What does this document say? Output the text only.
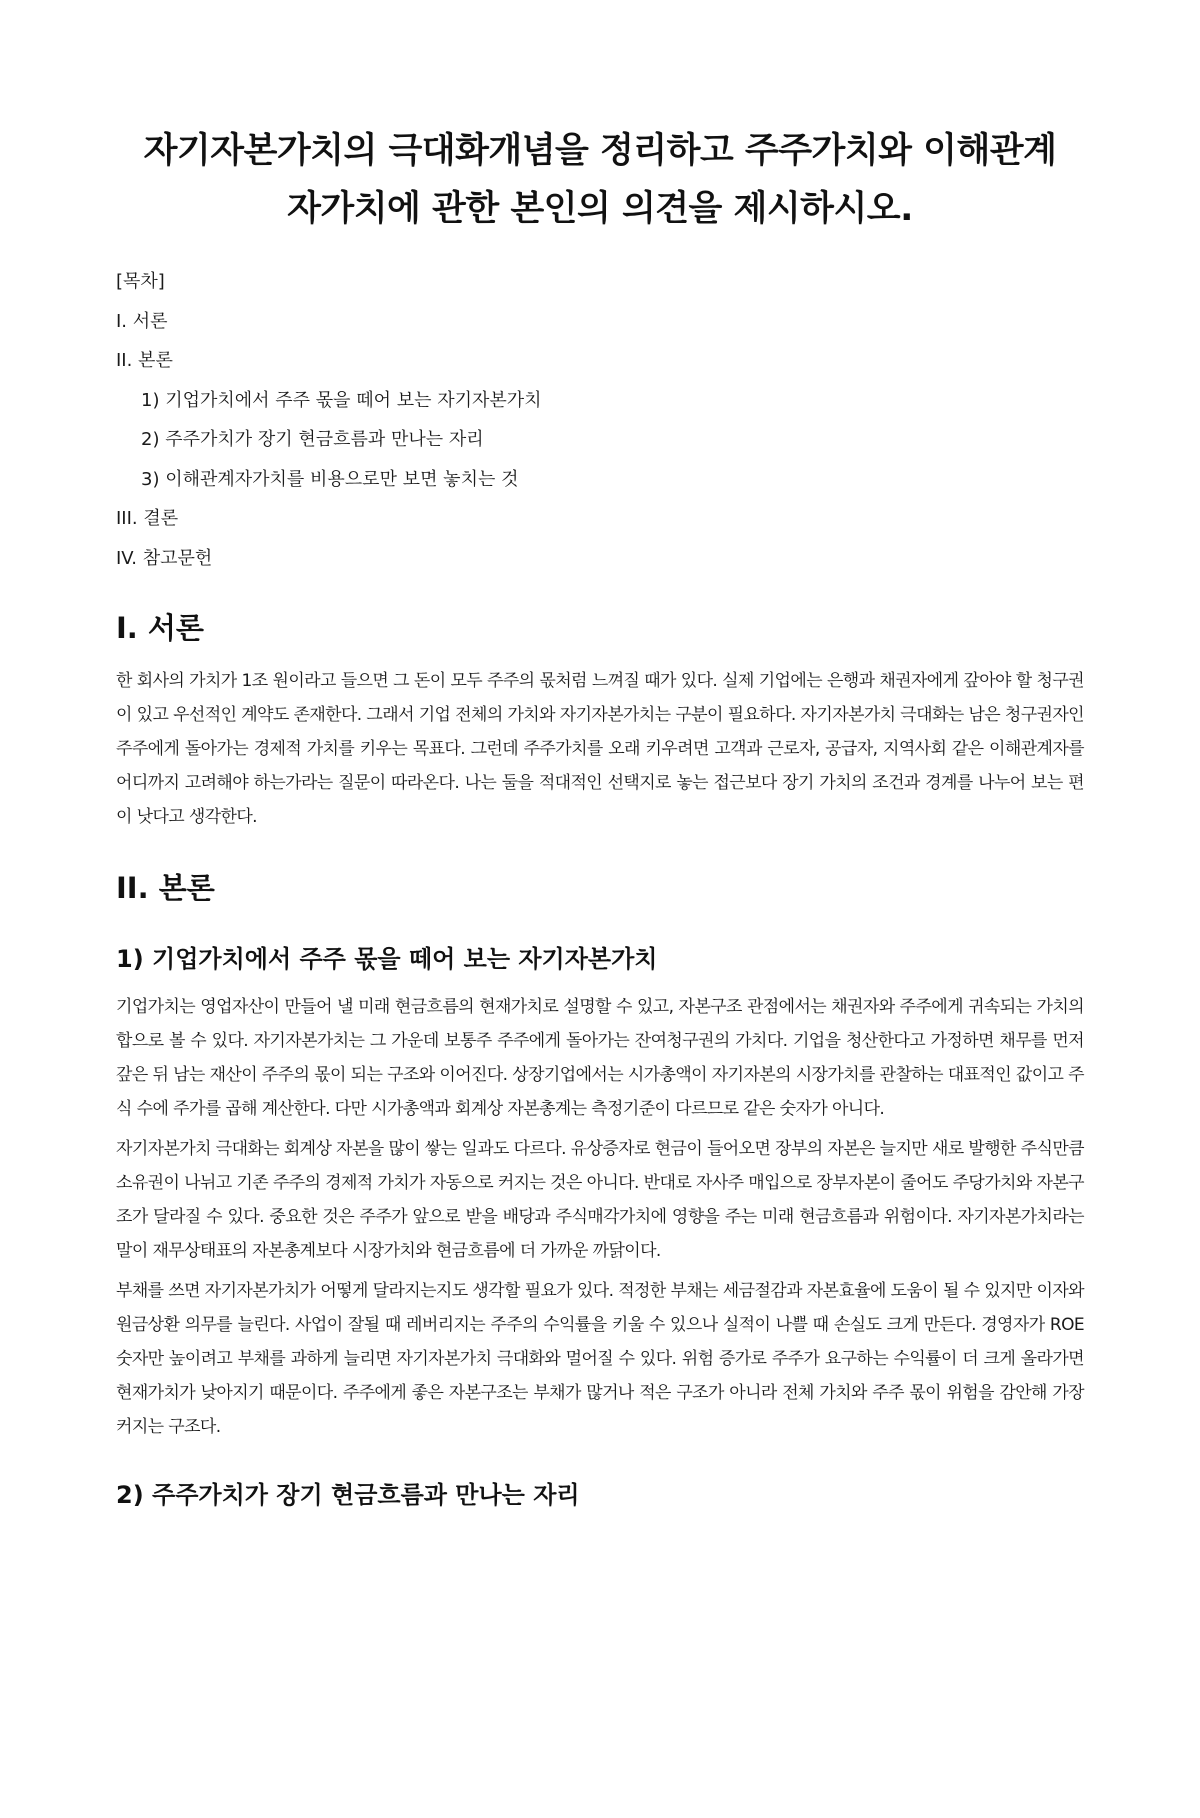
자기자본가치의 극대화개념을 정리하고 주주가치와 이해관계
자가치에 관한 본인의 의견을 제시하시오.
[목차]
I. 서론
II. 본론
1) 기업가치에서 주주 몫을 떼어 보는 자기자본가치
2) 주주가치가 장기 현금흐름과 만나는 자리
3) 이해관계자가치를 비용으로만 보면 놓치는 것
III. 결론
IV. 참고문헌
I. 서론

한 회사의 가치가 1조 원이라고 들으면 그 돈이 모두 주주의 몫처럼 느껴질 때가 있다. 실제 기업에는 은행과 채권자에게 갚아야 할 청구권이 있고 우선적인 계약도 존재한다. 그래서 기업 전체의 가치와 자기자본가치는 구분이 필요하다. 자기자본가치 극대화는 남은 청구권자인 주주에게 돌아가는 경제적 가치를 키우는 목표다. 그런데 주주가치를 오래 키우려면 고객과 근로자, 공급자, 지역사회 같은 이해관계자를 어디까지 고려해야 하는가라는 질문이 따라온다. 나는 둘을 적대적인 선택지로 놓는 접근보다 장기 가치의 조건과 경계를 나누어 보는 편이 낫다고 생각한다.

II. 본론
1) 기업가치에서 주주 몫을 떼어 보는 자기자본가치

기업가치는 영업자산이 만들어 낼 미래 현금흐름의 현재가치로 설명할 수 있고, 자본구조 관점에서는 채권자와 주주에게 귀속되는 가치의 합으로 볼 수 있다. 자기자본가치는 그 가운데 보통주 주주에게 돌아가는 잔여청구권의 가치다. 기업을 청산한다고 가정하면 채무를 먼저 갚은 뒤 남는 재산이 주주의 몫이 되는 구조와 이어진다. 상장기업에서는 시가총액이 자기자본의 시장가치를 관찰하는 대표적인 값이고 주식 수에 주가를 곱해 계산한다. 다만 시가총액과 회계상 자본총계는 측정기준이 다르므로 같은 숫자가 아니다.

자기자본가치 극대화는 회계상 자본을 많이 쌓는 일과도 다르다. 유상증자로 현금이 들어오면 장부의 자본은 늘지만 새로 발행한 주식만큼 소유권이 나뉘고 기존 주주의 경제적 가치가 자동으로 커지는 것은 아니다. 반대로 자사주 매입으로 장부자본이 줄어도 주당가치와 자본구조가 달라질 수 있다. 중요한 것은 주주가 앞으로 받을 배당과 주식매각가치에 영향을 주는 미래 현금흐름과 위험이다. 자기자본가치라는 말이 재무상태표의 자본총계보다 시장가치와 현금흐름에 더 가까운 까닭이다.

부채를 쓰면 자기자본가치가 어떻게 달라지는지도 생각할 필요가 있다. 적정한 부채는 세금절감과 자본효율에 도움이 될 수 있지만 이자와 원금상환 의무를 늘린다. 사업이 잘될 때 레버리지는 주주의 수익률을 키울 수 있으나 실적이 나쁠 때 손실도 크게 만든다. 경영자가 ROE 숫자만 높이려고 부채를 과하게 늘리면 자기자본가치 극대화와 멀어질 수 있다. 위험 증가로 주주가 요구하는 수익률이 더 크게 올라가면 현재가치가 낮아지기 때문이다. 주주에게 좋은 자본구조는 부채가 많거나 적은 구조가 아니라 전체 가치와 주주 몫이 위험을 감안해 가장 커지는 구조다.

2) 주주가치가 장기 현금흐름과 만나는 자리
